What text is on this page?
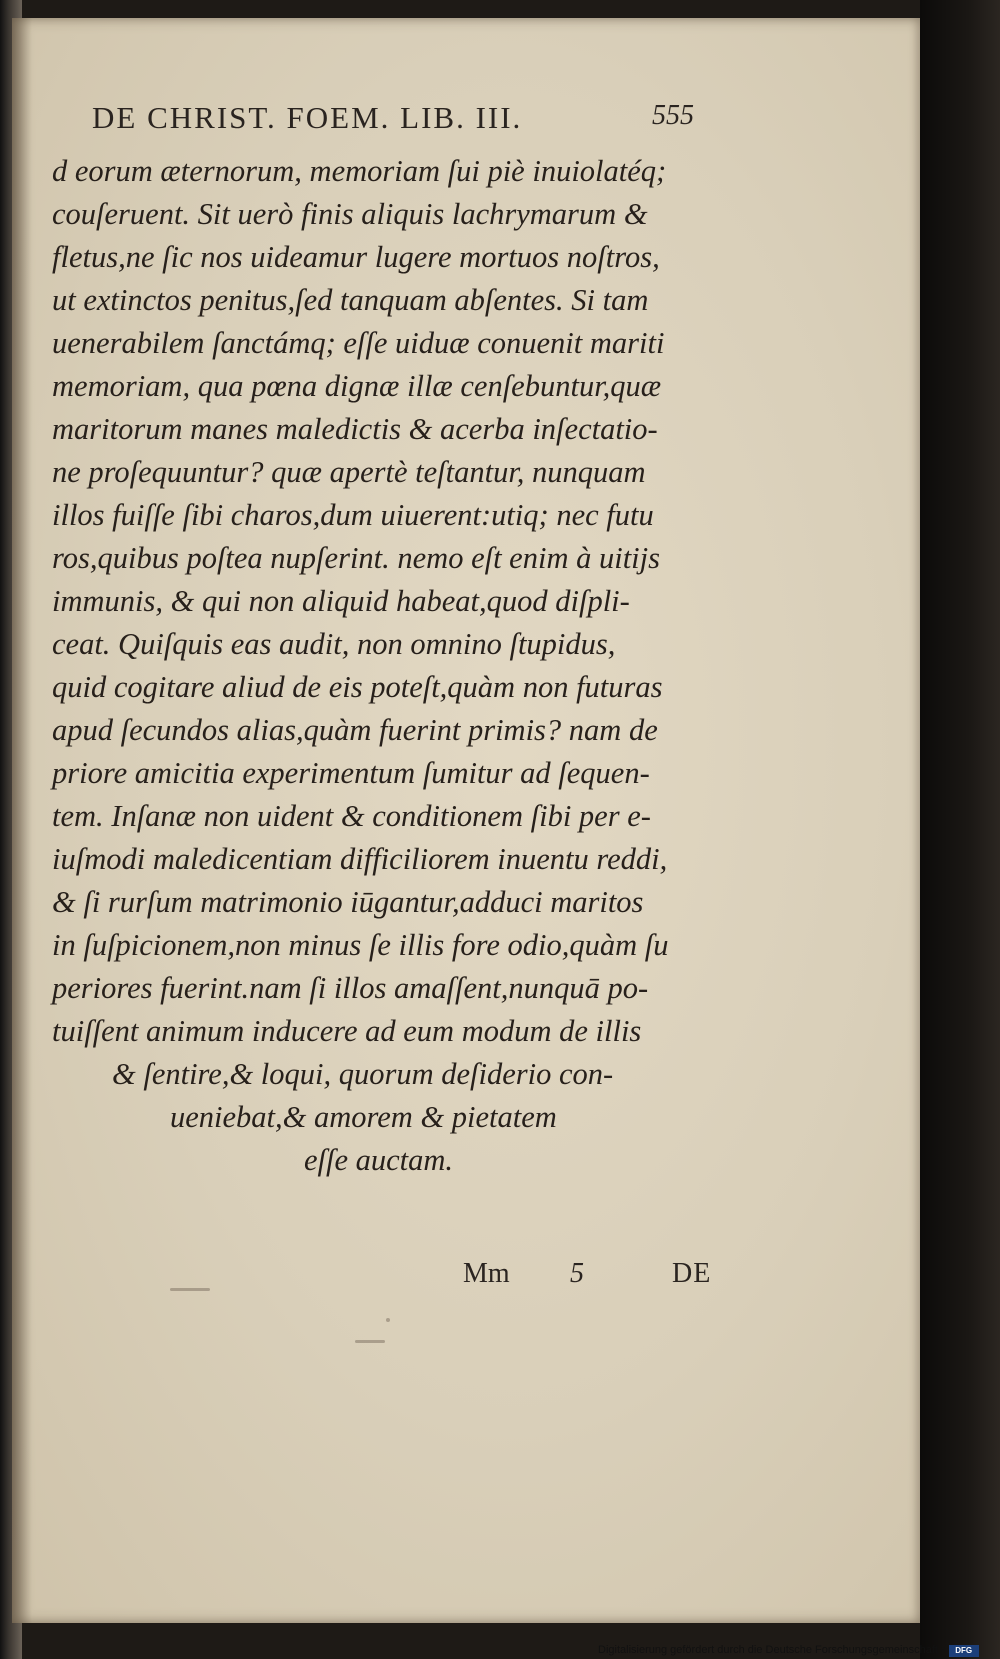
DE CHRIST. FOEM. LIB. III.	555
d eorum æternorum, memoriam ſui piè inuiolatéq;
couſeruent. Sit uerò finis aliquis lachrymarum &
fletus,ne ſic nos uideamur lugere mortuos noſtros,
ut extinctos penitus,ſed tanquam abſentes. Si tam
uenerabilem ſanctámq; eſſe uiduæ conuenit mariti
memoriam, qua pœna dignæ illæ cenſebuntur,quæ
maritorum manes maledictis & acerba inſectatio-
ne proſequuntur? quæ apertè teſtantur, nunquam
illos fuiſſe ſibi charos,dum uiuerent:utiq; nec futu
ros,quibus poſtea nupſerint. nemo eſt enim à uitijs
immunis, & qui non aliquid habeat,quod diſpli-
ceat. Quiſquis eas audit, non omnino ſtupidus,
quid cogitare aliud de eis poteſt,quàm non futuras
apud ſecundos alias,quàm fuerint primis? nam de
priore amicitia experimentum ſumitur ad ſequen-
tem. Inſanæ non uident & conditionem ſibi per e-
iuſmodi maledicentiam difficiliorem inuentu reddi,
& ſi rurſum matrimonio iūgantur,adduci maritos
in ſuſpicionem,non minus ſe illis fore odio,quàm ſu
periores fuerint.nam ſi illos amaſſent,nunquā po-
tuiſſent animum inducere ad eum modum de illis
& ſentire,& loqui, quorum deſiderio con-
ueniebat,& amorem & pietatem
eſſe auctam.
Mm 5	DE
Digitalisierung gefördert durch die Deutsche Forschungsgemeinschaft -	DFG
